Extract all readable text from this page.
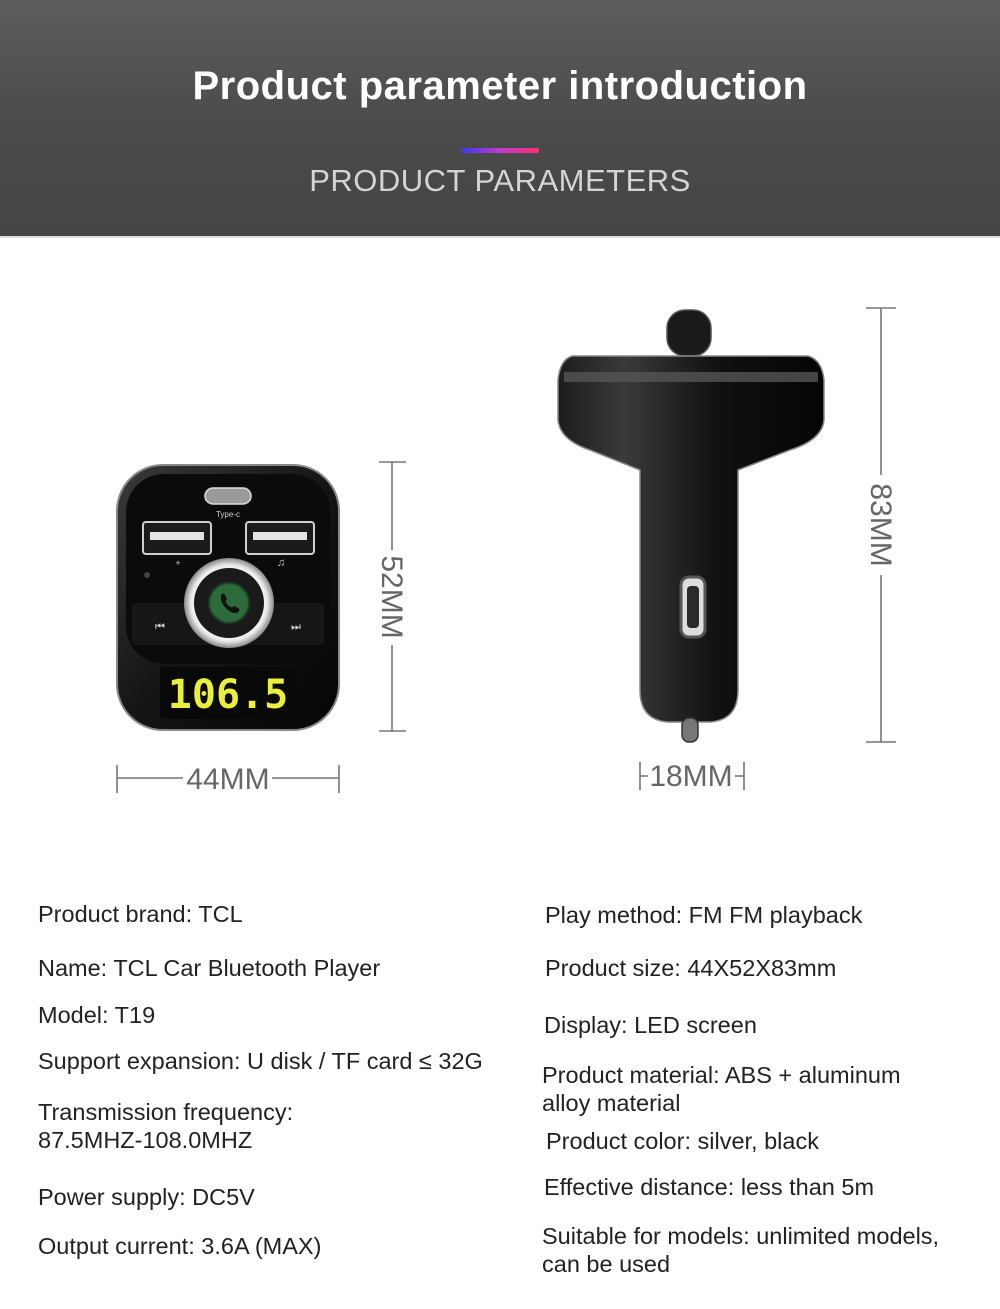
Product parameter introduction
PRODUCT PARAMETERS
Type-c
+	♫
⏮	⏭
106.5
44MM
52MM
18MM
83MM
Product brand: TCL
Name: TCL Car Bluetooth Player
Model: T19
Support expansion: U disk / TF card ≤ 32G
Transmission frequency:
87.5MHZ-108.0MHZ
Power supply: DC5V
Output current: 3.6A (MAX)
Play method: FM FM playback
Product size: 44X52X83mm
Display: LED screen
Product material: ABS + aluminum alloy material
Product color: silver, black
Effective distance: less than 5m
Suitable for models: unlimited models, can be used
